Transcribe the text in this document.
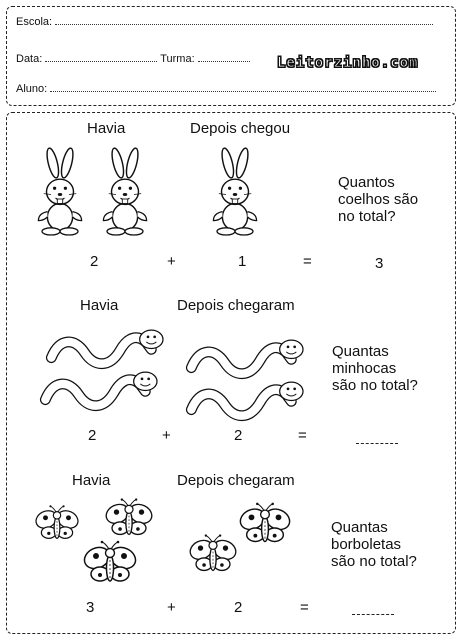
Escola:
Data:	Turma:	Leitorzinho.com
Aluno:
Havia	Depois chegou
Quantos
coelhos são
no total?
2	+	1	=	3
Havia	Depois chegaram
Quantas
minhocas
são no total?
2	+	2	=
Havia	Depois chegaram
Quantas
borboletas
são no total?
3	+	2	=
